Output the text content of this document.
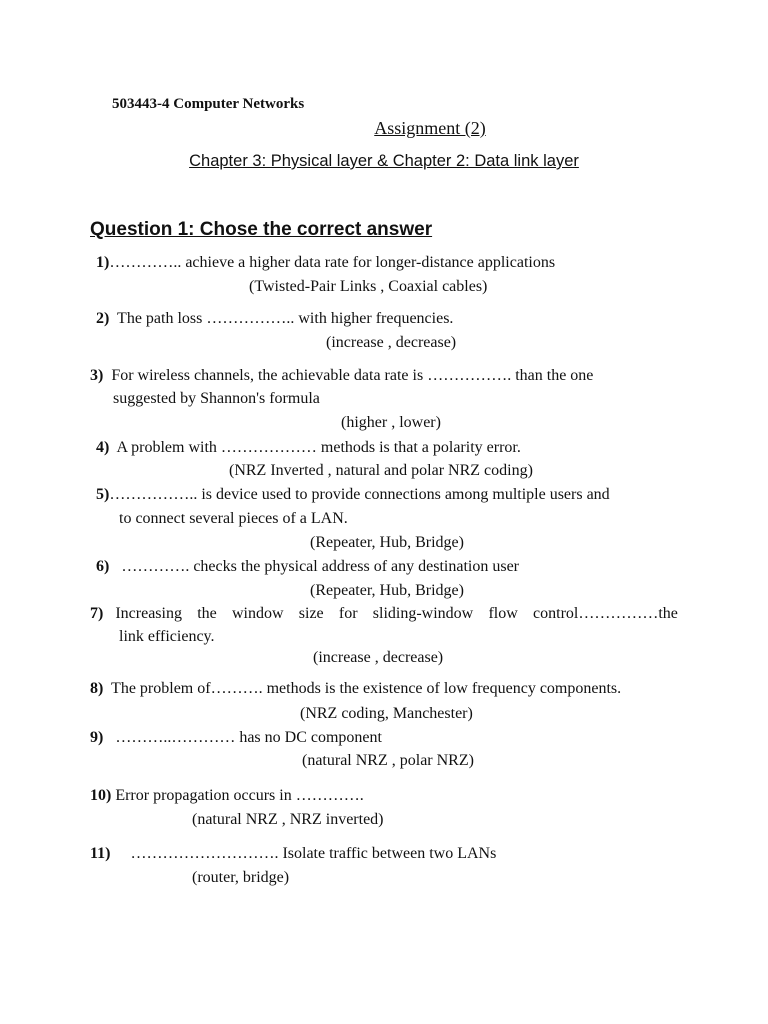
503443-4 Computer Networks
Assignment (2)
Chapter 3: Physical layer & Chapter 2: Data link layer
Question 1: Chose the correct answer
1)………….. achieve a higher data rate for longer-distance applications
(Twisted-Pair Links , Coaxial cables)
2) The path loss …………….. with higher frequencies.
(increase , decrease)
3) For wireless channels, the achievable data rate is ……………. than the one
suggested by Shannon's formula
(higher , lower)
4) A problem with ……………… methods is that a polarity error.
(NRZ Inverted , natural and polar NRZ coding)
5)…………….. is device used to provide connections among multiple users and
to connect several pieces of a LAN.
(Repeater, Hub, Bridge)
6) …………. checks the physical address of any destination user
(Repeater, Hub, Bridge)
7) Increasing the window size for sliding-window flow control……………the
link efficiency.
(increase , decrease)
8) The problem of………. methods is the existence of low frequency components.
(NRZ coding, Manchester)
9) ………..………… has no DC component
(natural NRZ , polar NRZ)
10) Error propagation occurs in ………….
(natural NRZ , NRZ inverted)
11) ………………………. Isolate traffic between two LANs
(router, bridge)
